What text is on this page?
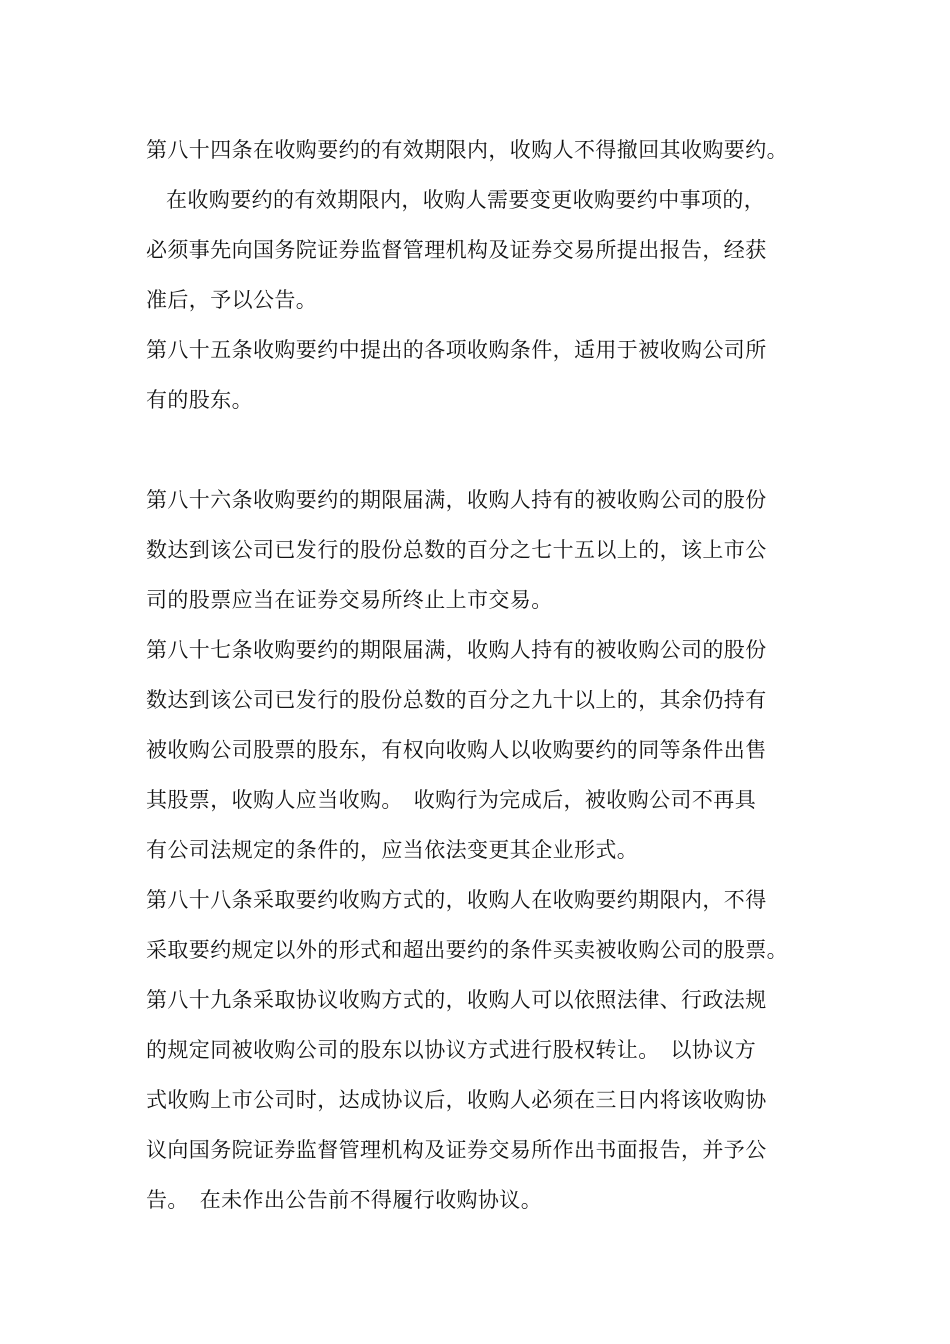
第八十四条在收购要约的有效期限内，收购人不得撤回其收购要约。
在收购要约的有效期限内，收购人需要变更收购要约中事项的，
必须事先向国务院证券监督管理机构及证券交易所提出报告，经获
准后，予以公告。
第八十五条收购要约中提出的各项收购条件，适用于被收购公司所
有的股东。
第八十六条收购要约的期限届满，收购人持有的被收购公司的股份
数达到该公司已发行的股份总数的百分之七十五以上的，该上市公
司的股票应当在证券交易所终止上市交易。
第八十七条收购要约的期限届满，收购人持有的被收购公司的股份
数达到该公司已发行的股份总数的百分之九十以上的，其余仍持有
被收购公司股票的股东，有权向收购人以收购要约的同等条件出售
其股票，收购人应当收购。　收购行为完成后，被收购公司不再具
有公司法规定的条件的，应当依法变更其企业形式。
第八十八条采取要约收购方式的，收购人在收购要约期限内，不得
采取要约规定以外的形式和超出要约的条件买卖被收购公司的股票。
第八十九条采取协议收购方式的，收购人可以依照法律、行政法规
的规定同被收购公司的股东以协议方式进行股权转让。　以协议方
式收购上市公司时，达成协议后，收购人必须在三日内将该收购协
议向国务院证券监督管理机构及证券交易所作出书面报告，并予公
告。　在未作出公告前不得履行收购协议。
